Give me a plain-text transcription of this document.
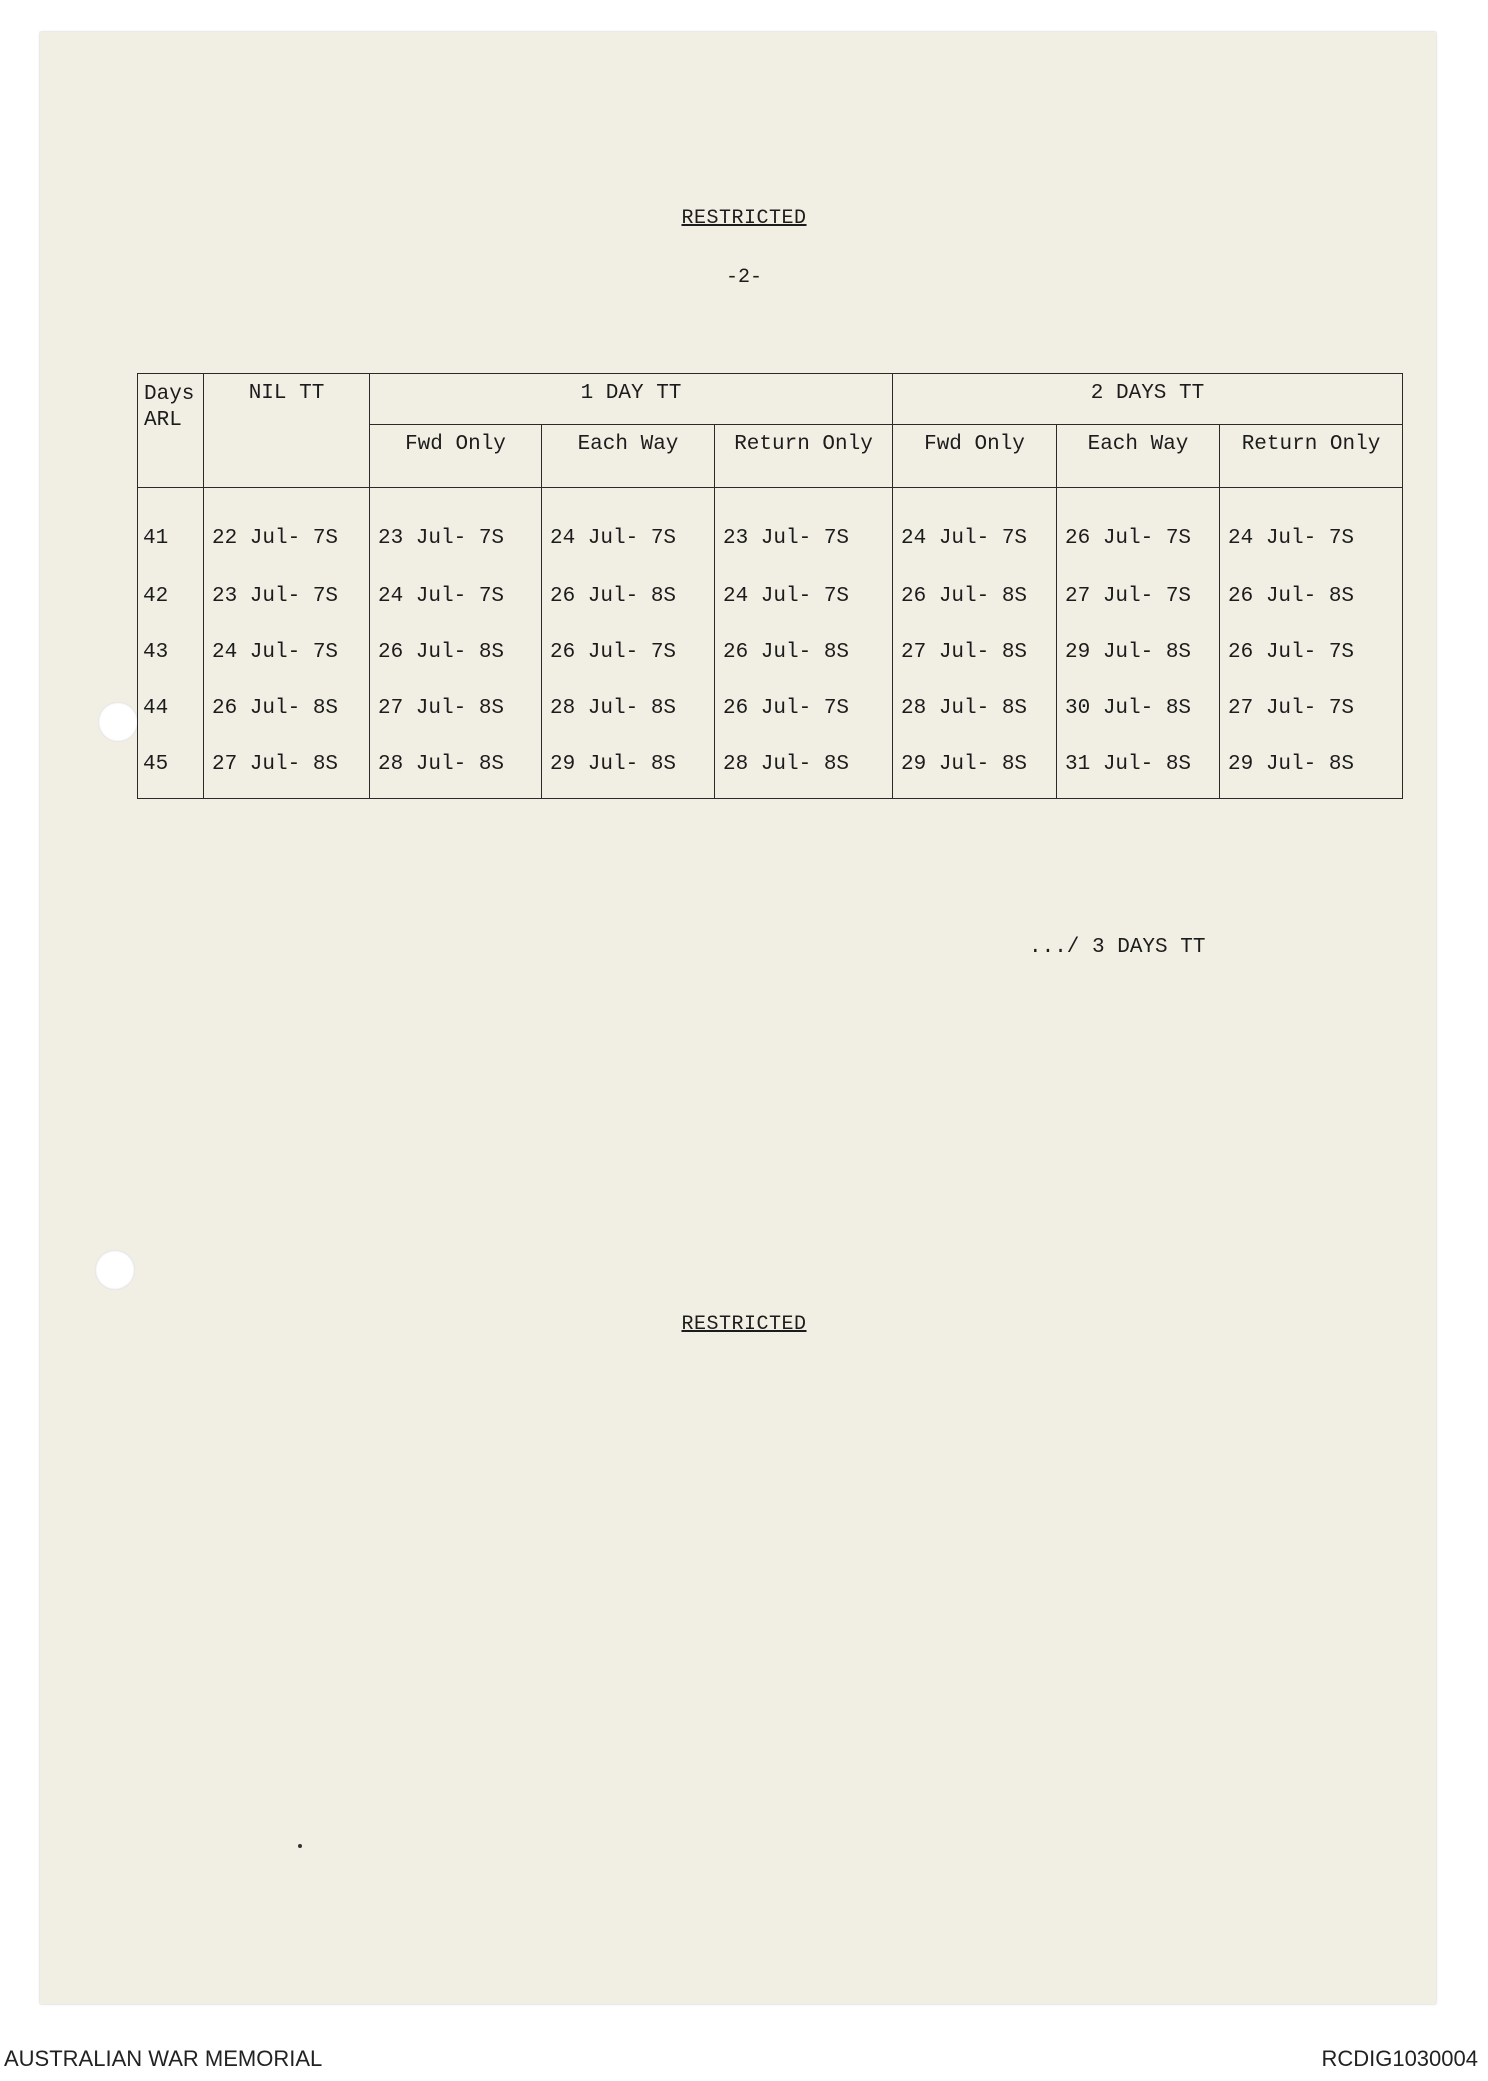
RESTRICTED
-2-
Days ARL	NIL TT	1 DAY TT			2 DAYS TT		
		Fwd Only	Each Way	Return Only	Fwd Only	Each Way	Return Only
41	22 Jul- 7S	23 Jul- 7S	24 Jul- 7S	23 Jul- 7S	24 Jul- 7S	26 Jul- 7S	24 Jul- 7S
42	23 Jul- 7S	24 Jul- 7S	26 Jul- 8S	24 Jul- 7S	26 Jul- 8S	27 Jul- 7S	26 Jul- 8S
43	24 Jul- 7S	26 Jul- 8S	26 Jul- 7S	26 Jul- 8S	27 Jul- 8S	29 Jul- 8S	26 Jul- 7S
44	26 Jul- 8S	27 Jul- 8S	28 Jul- 8S	26 Jul- 7S	28 Jul- 8S	30 Jul- 8S	27 Jul- 7S
45	27 Jul- 8S	28 Jul- 8S	29 Jul- 8S	28 Jul- 8S	29 Jul- 8S	31 Jul- 8S	29 Jul- 8S
.../ 3 DAYS TT
RESTRICTED
AUSTRALIAN WAR MEMORIAL	RCDIG1030004
